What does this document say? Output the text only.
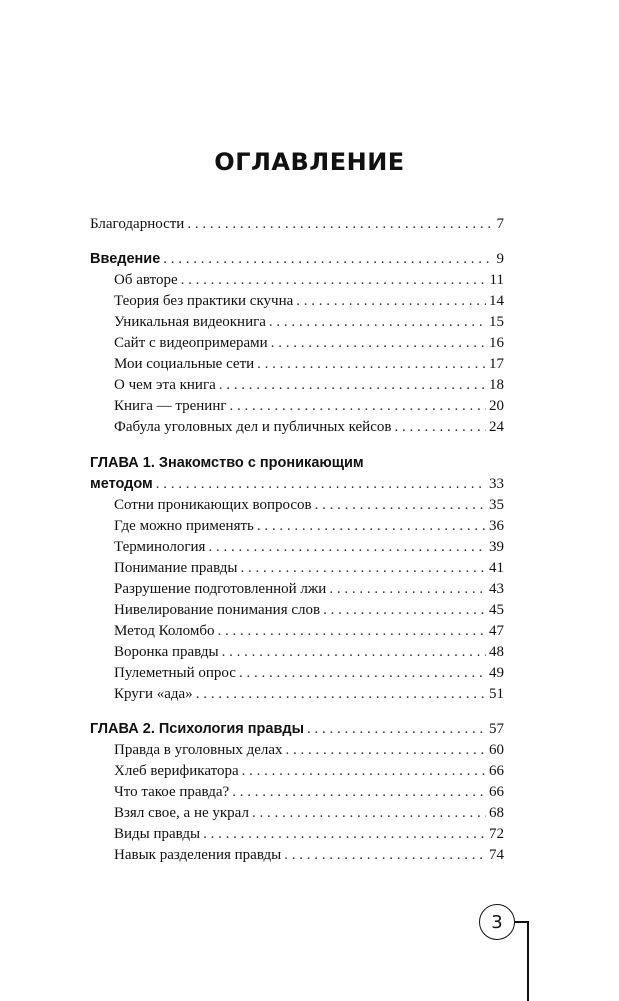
ОГЛАВЛЕНИЕ
Благодарности . . .	7
Введение . . .	9
Об авторе . . .	11
Теория без практики скучна . . .	14
Уникальная видеокнига . . .	15
Сайт с видеопримерами . . .	16
Мои социальные сети . . .	17
О чем эта книга . . .	18
Книга — тренинг . . .	20
Фабула уголовных дел и публичных кейсов . . .	24
ГЛАВА 1. Знакомство с проникающим
методом . . .	33
Сотни проникающих вопросов . . .	35
Где можно применять . . .	36
Терминология . . .	39
Понимание правды . . .	41
Разрушение подготовленной лжи . . .	43
Нивелирование понимания слов . . .	45
Метод Коломбо . . .	47
Воронка правды . . .	48
Пулеметный опрос . . .	49
Круги «ада» . . .	51
ГЛАВА 2. Психология правды . . .	57
Правда в уголовных делах . . .	60
Хлеб верификатора . . .	66
Что такое правда? . . .	66
Взял свое, а не украл . . .	68
Виды правды . . .	72
Навык разделения правды . . .	74
3
